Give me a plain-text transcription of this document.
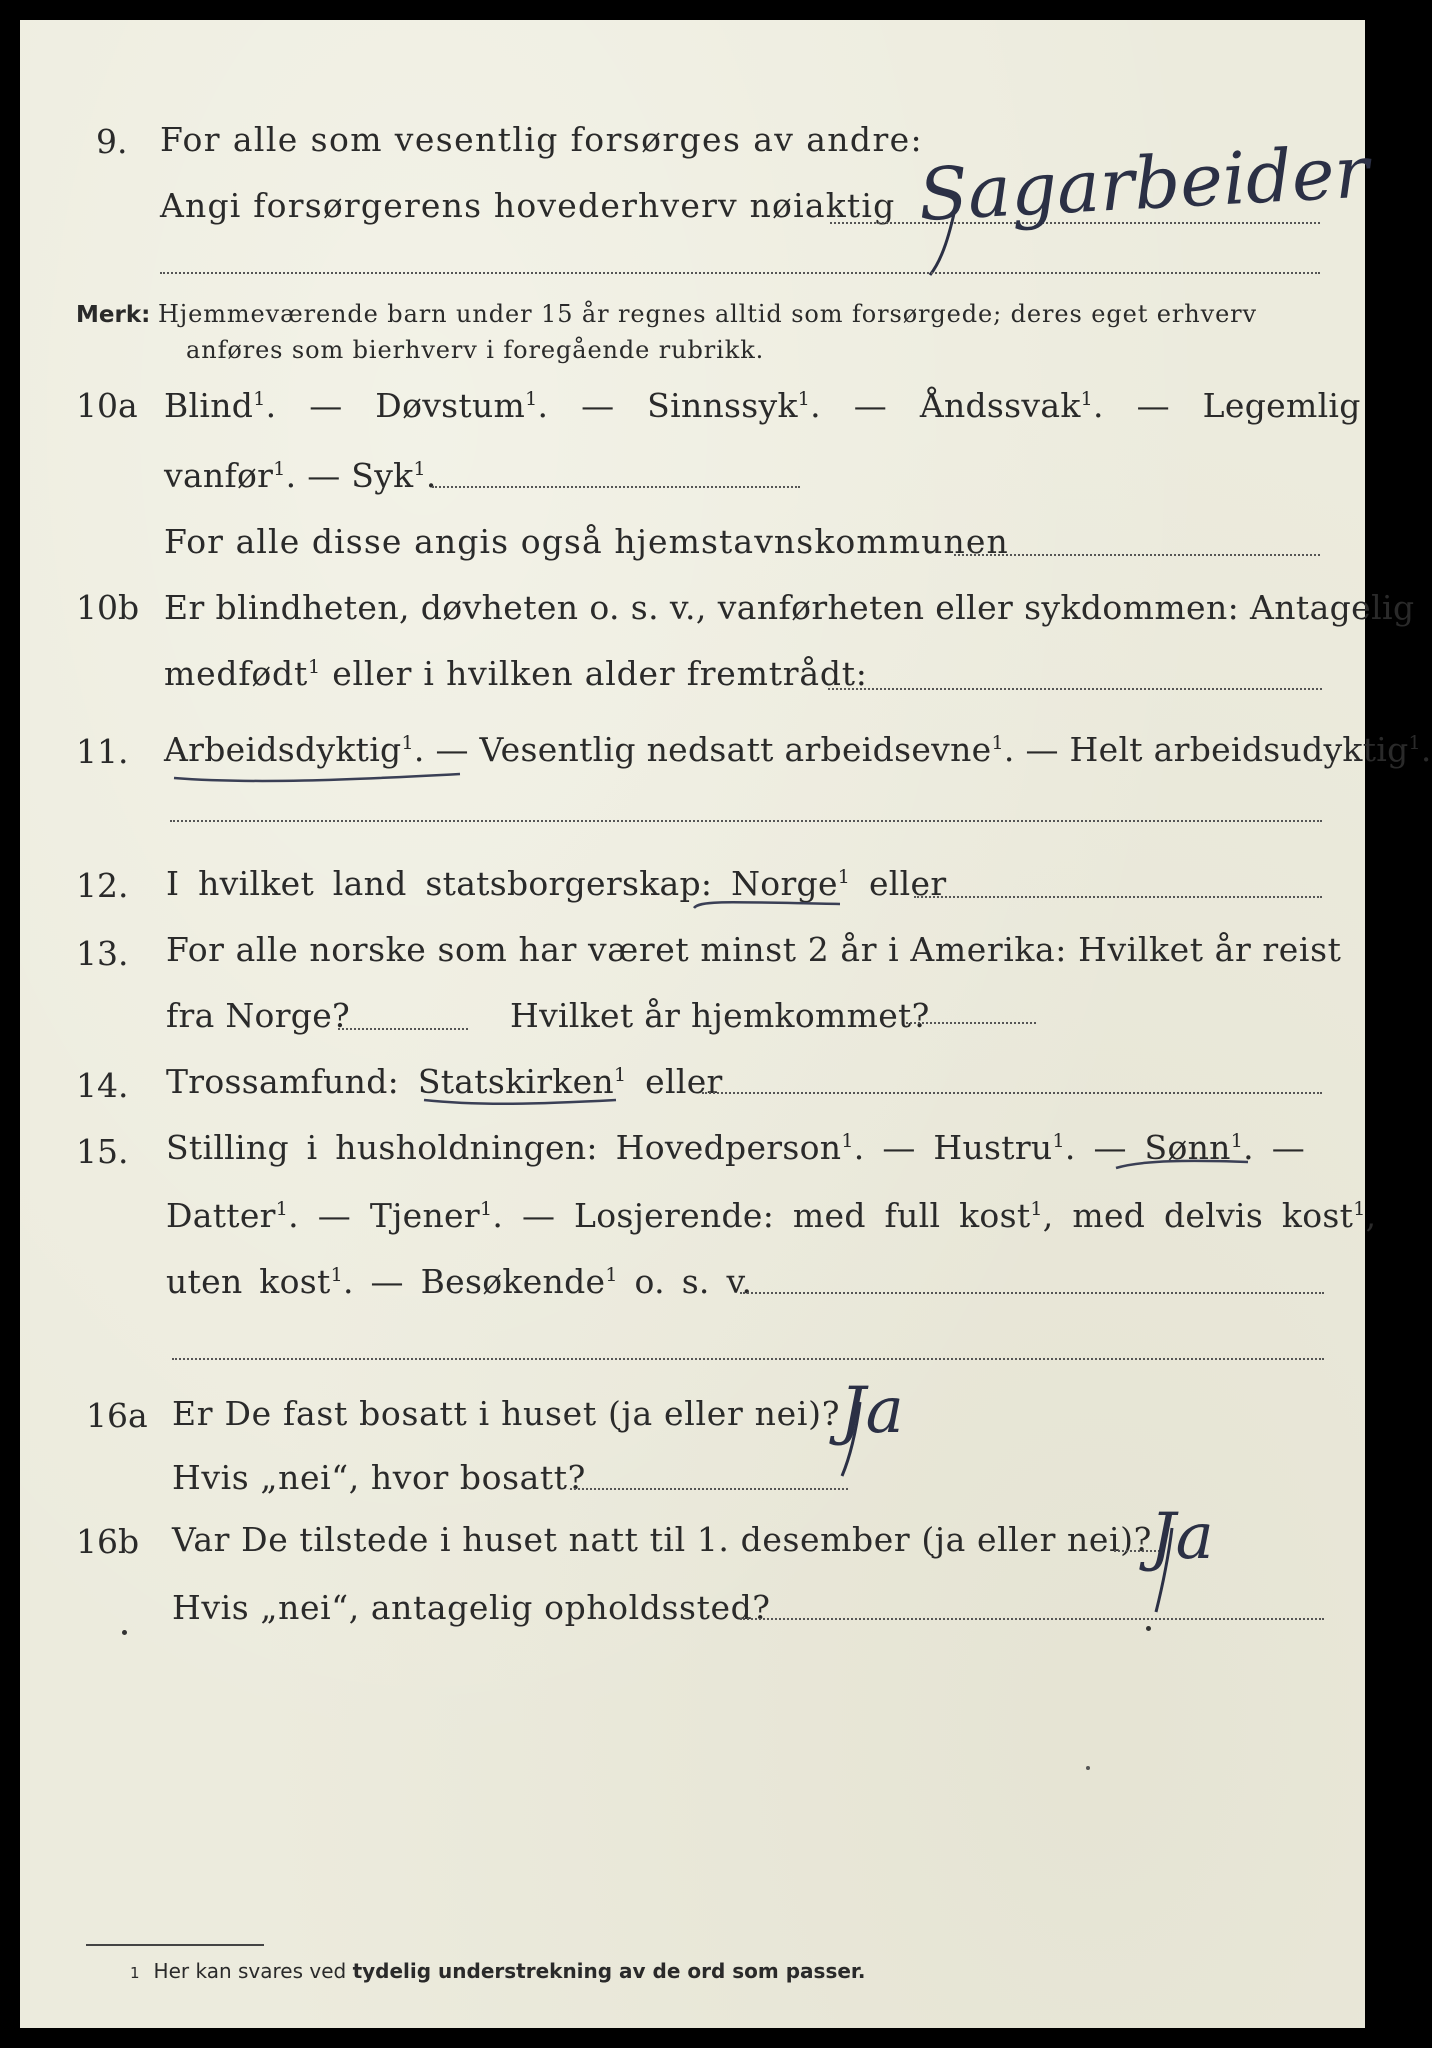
9. For alle som vesentlig forsørges av andre:
Angi forsørgerens hovederhverv nøiaktig Sagarbeider
Merk: Hjemmeværende barn under 15 år regnes alltid som forsørgede; deres eget erhverv
anføres som bierhverv i foregående rubrikk.
10a Blind$^1$. — Døvstum$^1$. — Sinnssyk$^1$. — Åndssvak$^1$. — Legemlig
vanfør$^1$. — Syk$^1$.
For alle disse angis også hjemstavnskommunen
10b Er blindheten, døvheten o. s. v., vanførheten eller sykdommen: Antagelig
medfødt$^1$ eller i hvilken alder fremtrådt:
11. Arbeidsdyktig$^1$. — Vesentlig nedsatt arbeidsevne$^1$. — Helt arbeidsudyktig$^1$.
12. I hvilket land statsborgerskap: Norge$^1$ eller
13. For alle norske som har været minst 2 år i Amerika: Hvilket år reist
fra Norge?	Hvilket år hjemkommet?
14. Trossamfund: Statskirken$^1$ eller
15. Stilling i husholdningen: Hovedperson$^1$. — Hustru$^1$. — Sønn$^1$. —
Datter$^1$. — Tjener$^1$. — Losjerende: med full kost$^1$, med delvis kost$^1$,
uten kost$^1$. — Besøkende$^1$ o. s. v.
16a Er De fast bosatt i huset (ja eller nei)? Ja
Hvis „nei“, hvor bosatt?
16b Var De tilstede i huset natt til 1. desember (ja eller nei)?
Ja
Hvis „nei“, antagelig opholdssted?
1 Her kan svares ved tydelig understrekning av de ord som passer.
